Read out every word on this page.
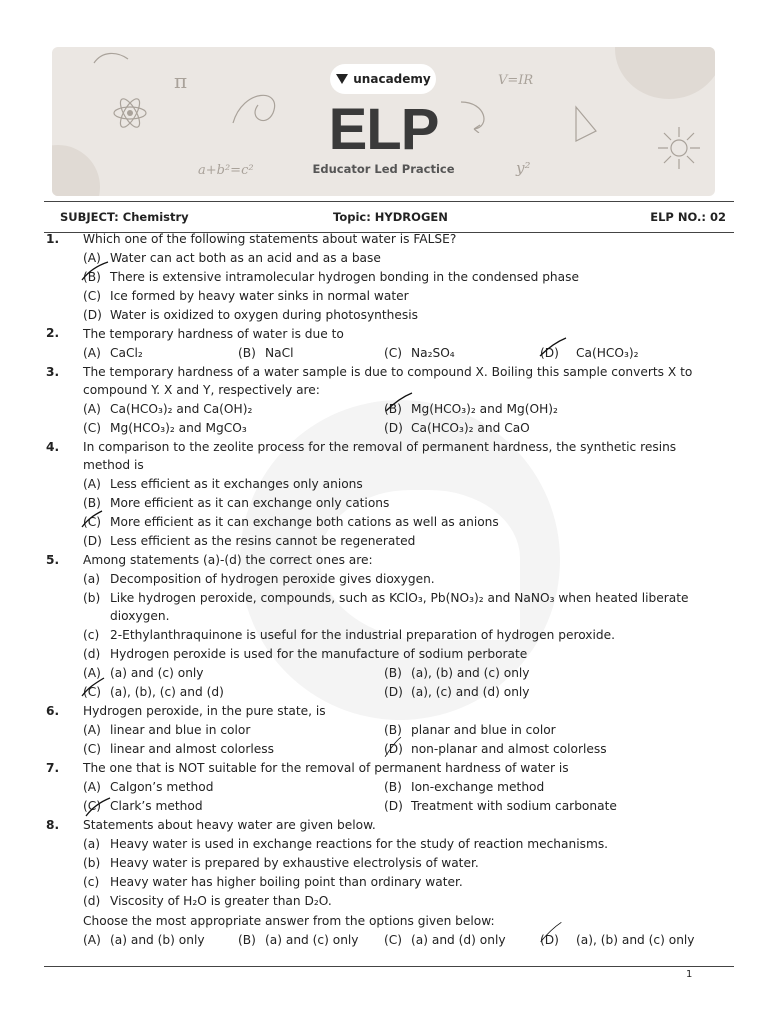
π	V=IR
a+b²=c²	y²
unacademy
ELP
Educator Led Practice
SUBJECT: Chemistry	Topic: HYDROGEN	ELP NO.: 02
1. Which one of the following statements about water is FALSE?
(A) Water can act both as an acid and as a base
(B) There is extensive intramolecular hydrogen bonding in the condensed phase
(C) Ice formed by heavy water sinks in normal water
(D) Water is oxidized to oxygen during photosynthesis
2. The temporary hardness of water is due to
(A) CaCl₂	(B) NaCl	(C) Na₂SO₄	(D) Ca(HCO₃)₂
3. The temporary hardness of a water sample is due to compound X. Boiling this sample converts X to
compound Y. X and Y, respectively are:
(A) Ca(HCO₃)₂ and Ca(OH)₂	(B) Mg(HCO₃)₂ and Mg(OH)₂
(C) Mg(HCO₃)₂ and MgCO₃	(D) Ca(HCO₃)₂ and CaO
4. In comparison to the zeolite process for the removal of permanent hardness, the synthetic resins
method is
(A) Less efficient as it exchanges only anions
(B) More efficient as it can exchange only cations
(C) More efficient as it can exchange both cations as well as anions
(D) Less efficient as the resins cannot be regenerated
5. Among statements (a)-(d) the correct ones are:
(a) Decomposition of hydrogen peroxide gives dioxygen.
(b) Like hydrogen peroxide, compounds, such as KClO₃, Pb(NO₃)₂ and NaNO₃ when heated liberate
dioxygen.
(c) 2-Ethylanthraquinone is useful for the industrial preparation of hydrogen peroxide.
(d) Hydrogen peroxide is used for the manufacture of sodium perborate
(A) (a) and (c) only	(B) (a), (b) and (c) only
(C) (a), (b), (c) and (d)	(D) (a), (c) and (d) only
6. Hydrogen peroxide, in the pure state, is
(A) linear and blue in color	(B) planar and blue in color
(C) linear and almost colorless	(D) non-planar and almost colorless
7. The one that is NOT suitable for the removal of permanent hardness of water is
(A) Calgon’s method	(B) Ion-exchange method
(C) Clark’s method	(D) Treatment with sodium carbonate
8. Statements about heavy water are given below.
(a) Heavy water is used in exchange reactions for the study of reaction mechanisms.
(b) Heavy water is prepared by exhaustive electrolysis of water.
(c) Heavy water has higher boiling point than ordinary water.
(d) Viscosity of H₂O is greater than D₂O.
Choose the most appropriate answer from the options given below:
(A) (a) and (b) only	(B) (a) and (c) only (C) (a) and (d) only	(D) (a), (b) and (c) only
1
